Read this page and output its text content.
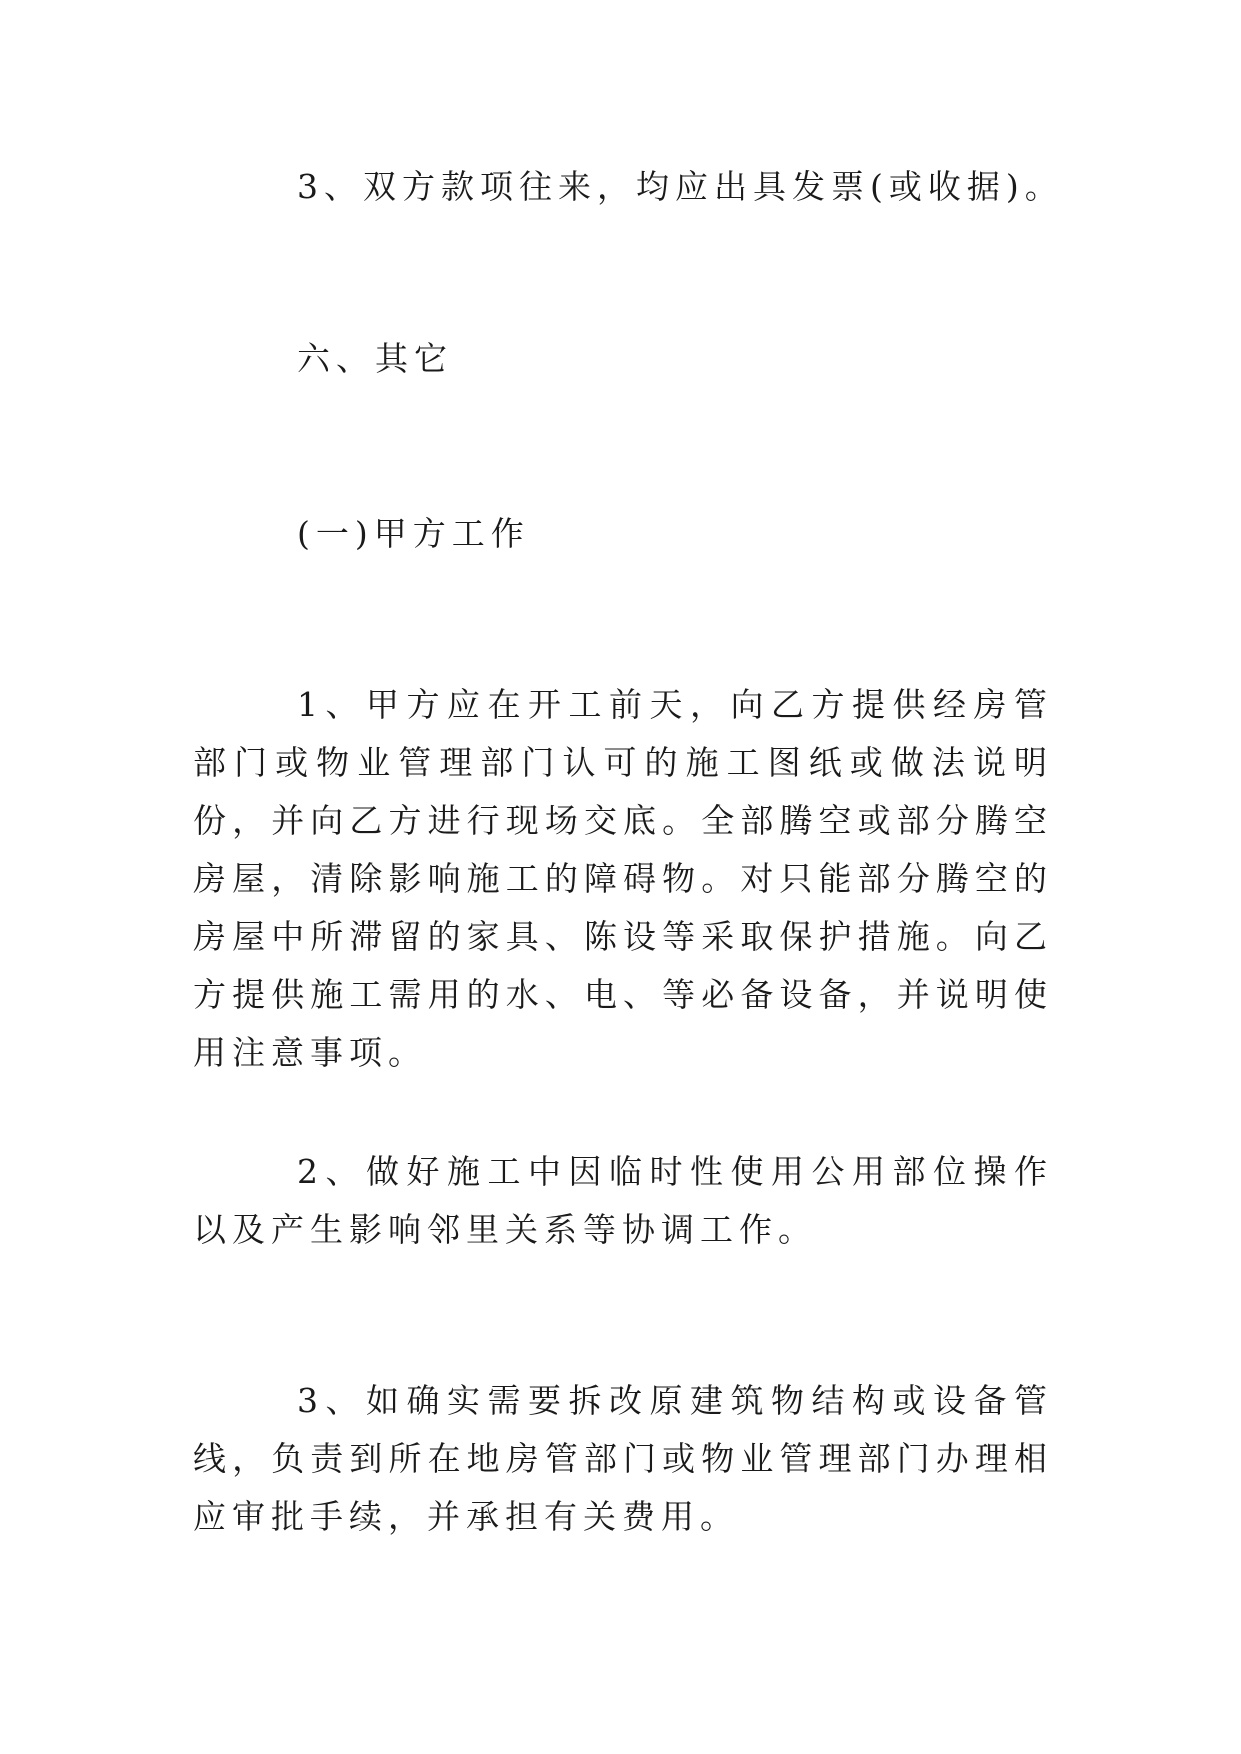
3、双方款项往来，均应出具发票(或收据)。

六、其它

(一)甲方工作

1、甲方应在开工前天，向乙方提供经房管部门或物业管理部门认可的施工图纸或做法说明份，并向乙方进行现场交底。全部腾空或部分腾空房屋，清除影响施工的障碍物。对只能部分腾空的房屋中所滞留的家具、陈设等采取保护措施。向乙方提供施工需用的水、电、等必备设备，并说明使用注意事项。

2、做好施工中因临时性使用公用部位操作以及产生影响邻里关系等协调工作。

3、如确实需要拆改原建筑物结构或设备管线，负责到所在地房管部门或物业管理部门办理相应审批手续，并承担有关费用。
